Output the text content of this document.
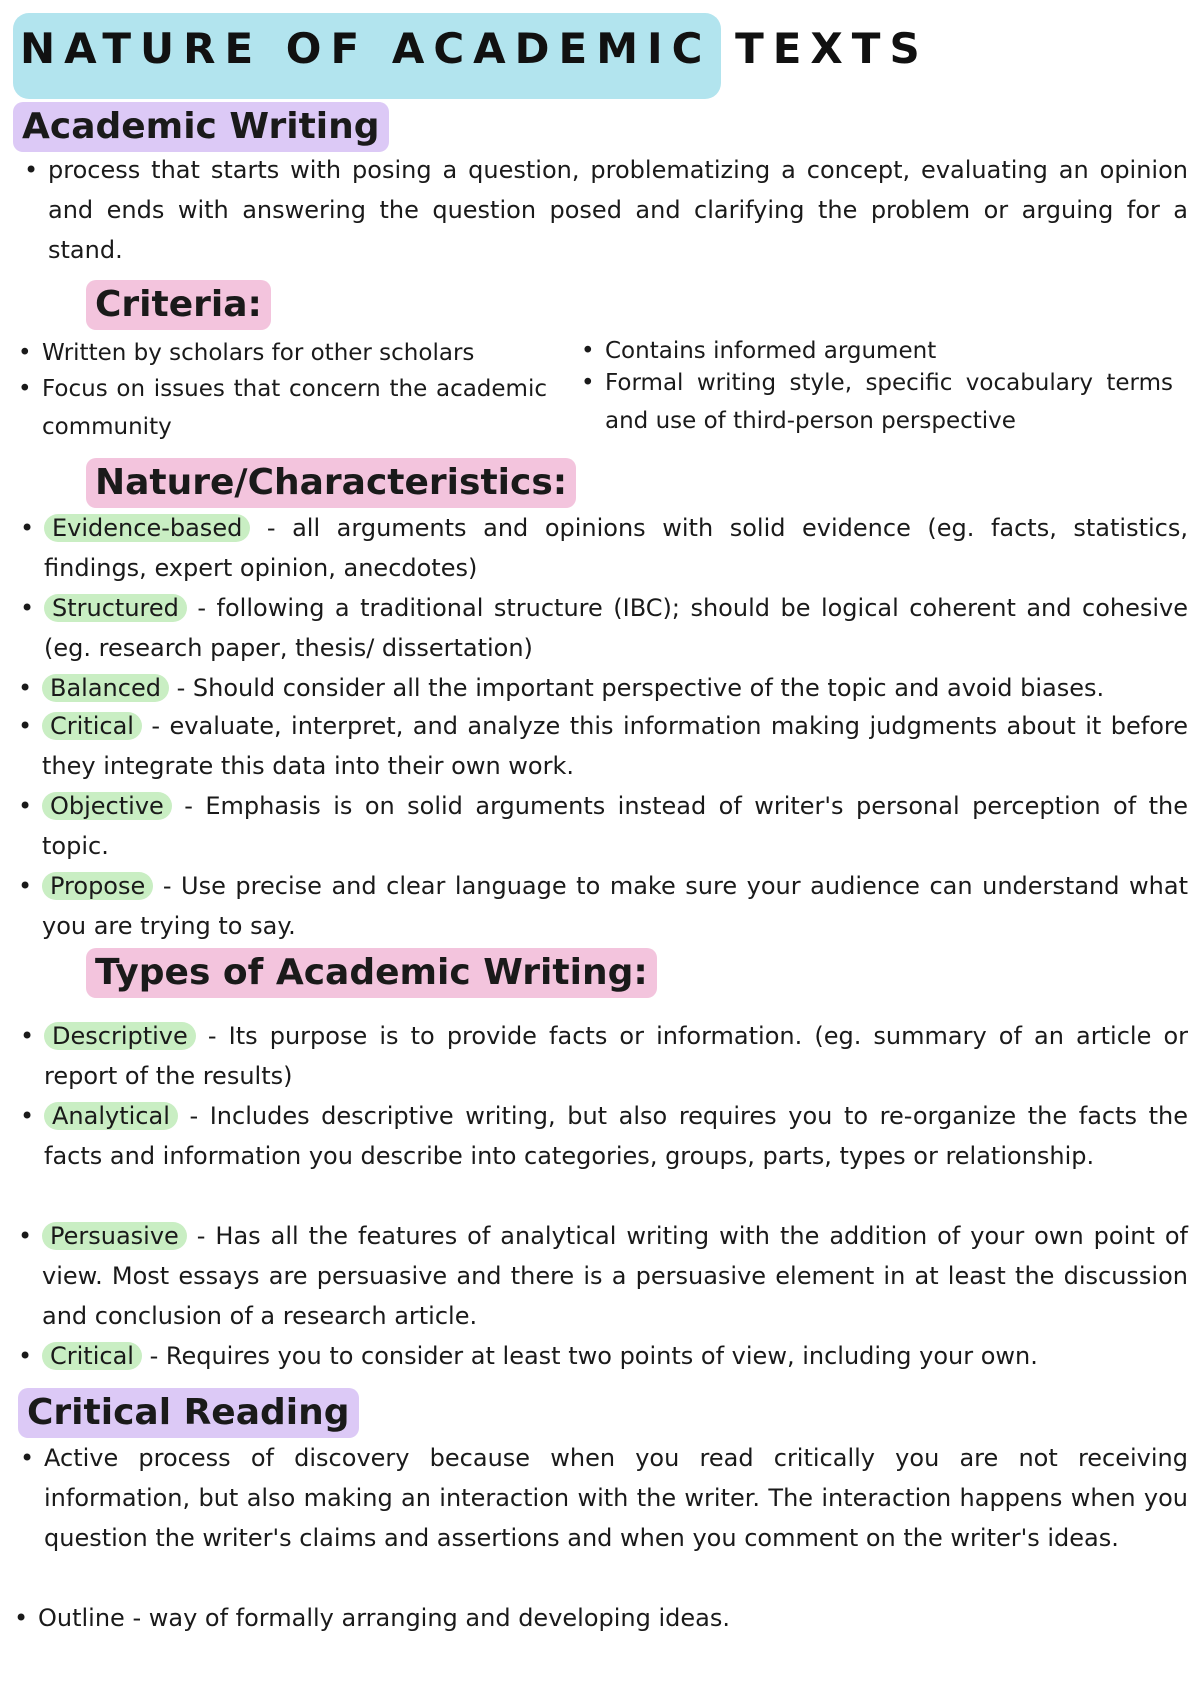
NATURE OF ACADEMIC TEXTS
Academic Writing
• process that starts with posing a question, problematizing a concept, evaluating an opinion and ends with answering the question posed and clarifying the problem or arguing for a stand.
Criteria:
• Written by scholars for other scholars
• Focus on issues that concern the academic community
• Contains informed argument
• Formal writing style, specific vocabulary terms and use of third-person perspective
Nature/Characteristics:
• Evidence-based - all arguments and opinions with solid evidence (eg. facts, statistics, findings, expert opinion, anecdotes)
• Structured - following a traditional structure (IBC); should be logical coherent and cohesive (eg. research paper, thesis/ dissertation)
• Balanced - Should consider all the important perspective of the topic and avoid biases.
• Critical - evaluate, interpret, and analyze this information making judgments about it before they integrate this data into their own work.
• Objective - Emphasis is on solid arguments instead of writer's personal perception of the topic.
• Propose - Use precise and clear language to make sure your audience can understand what you are trying to say.
Types of Academic Writing:
• Descriptive - Its purpose is to provide facts or information. (eg. summary of an article or report of the results)
• Analytical - Includes descriptive writing, but also requires you to re-organize the facts the facts and information you describe into categories, groups, parts, types or relationship.
• Persuasive - Has all the features of analytical writing with the addition of your own point of view. Most essays are persuasive and there is a persuasive element in at least the discussion and conclusion of a research article.
• Critical - Requires you to consider at least two points of view, including your own.
Critical Reading
• Active process of discovery because when you read critically you are not receiving information, but also making an interaction with the writer. The interaction happens when you question the writer's claims and assertions and when you comment on the writer's ideas.
• Outline - way of formally arranging and developing ideas.
